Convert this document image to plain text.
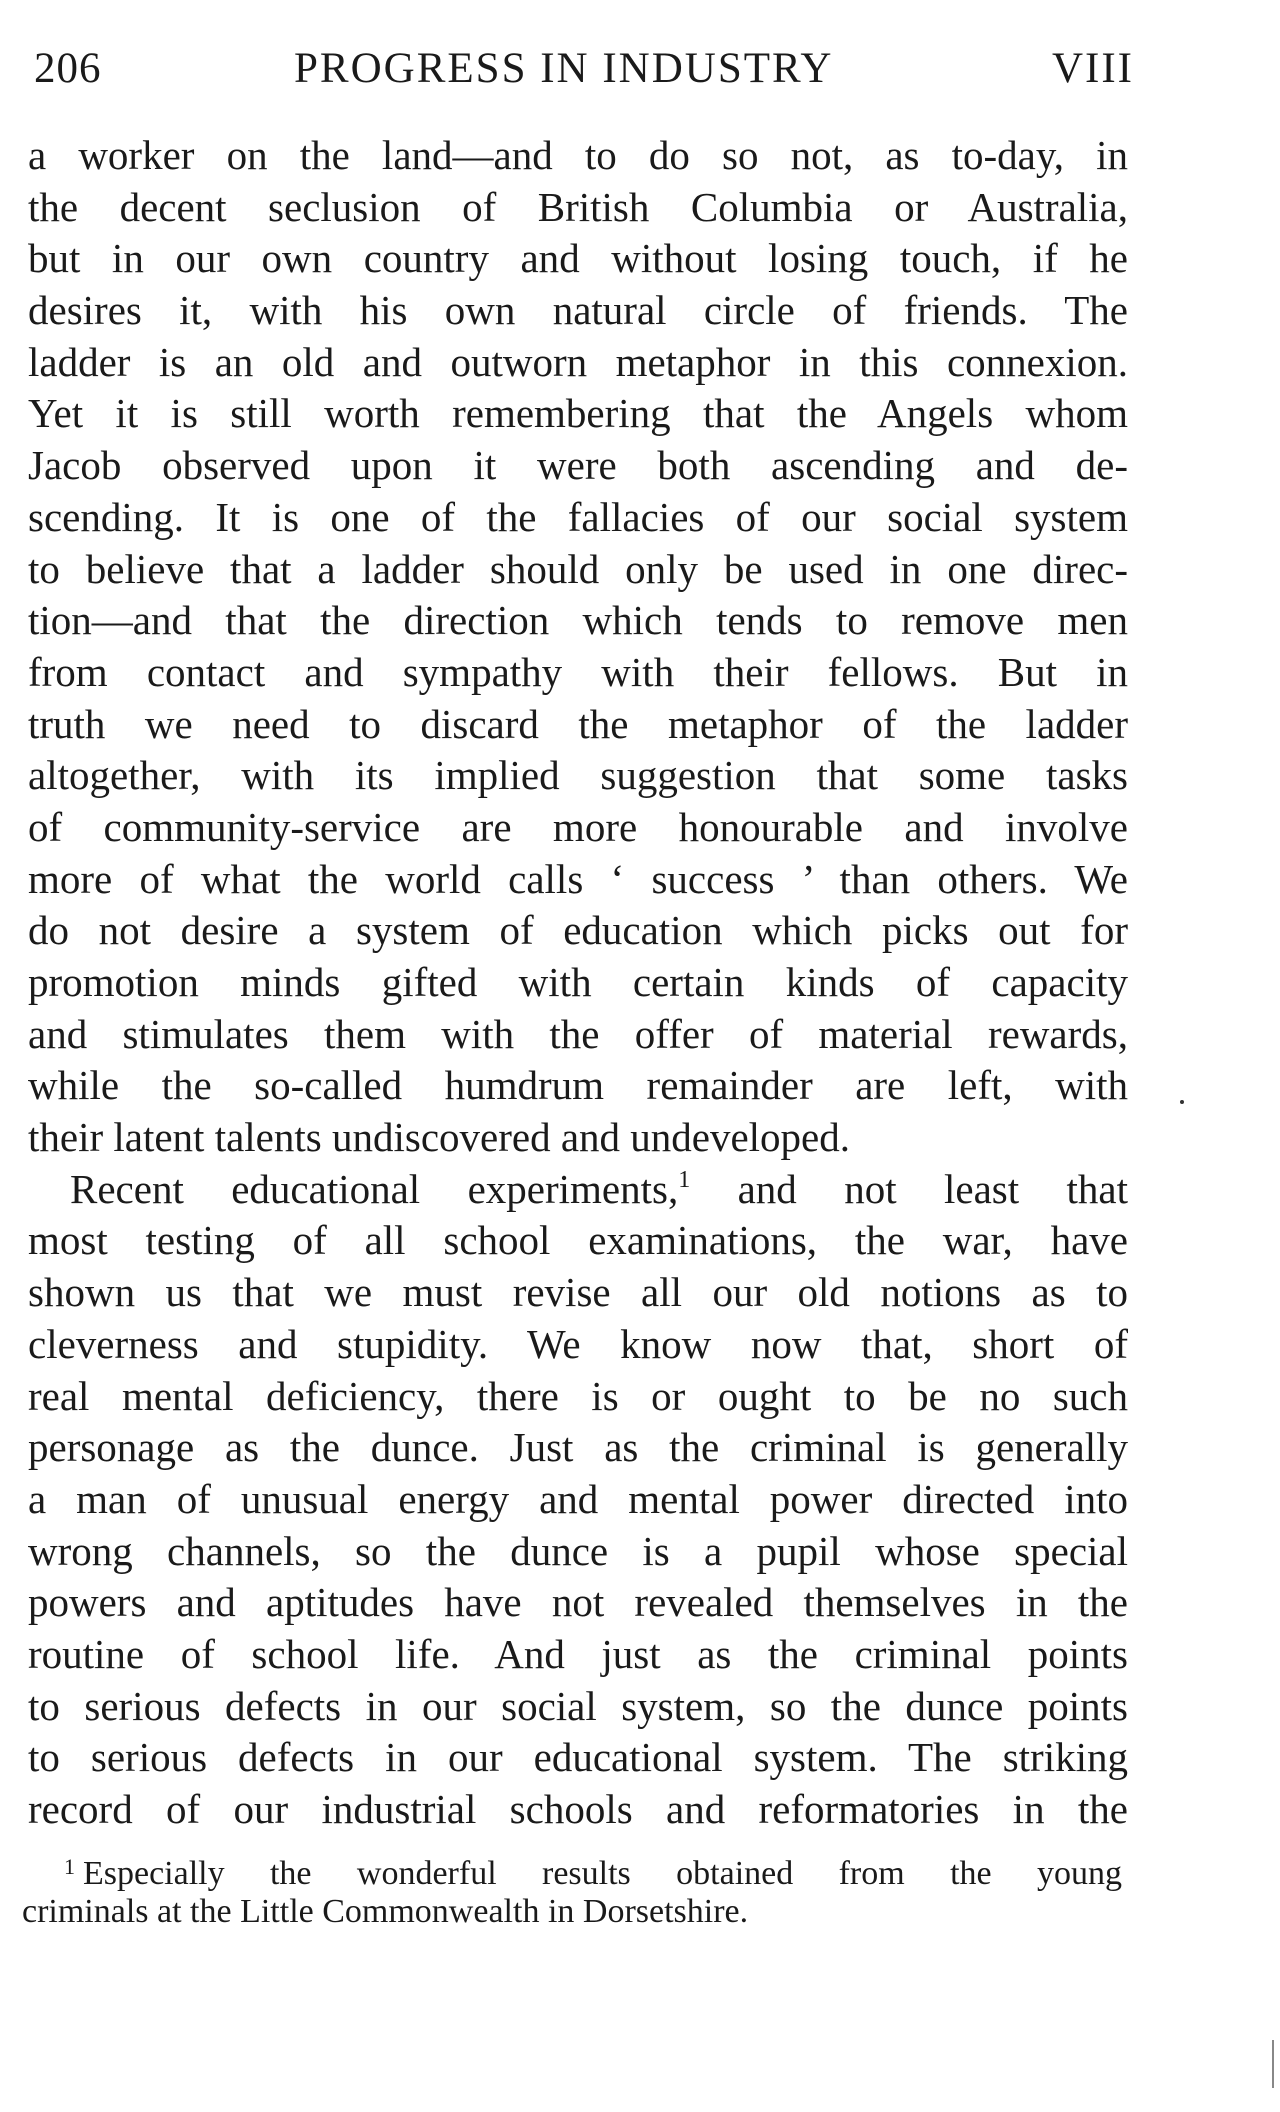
206	PROGRESS IN INDUSTRY	VIII
a worker on the land—and to do so not, as to-day, in
the decent seclusion of British Columbia or Australia,
but in our own country and without losing touch, if he
desires it, with his own natural circle of friends. The
ladder is an old and outworn metaphor in this connexion.
Yet it is still worth remembering that the Angels whom
Jacob observed upon it were both ascending and de-
scending. It is one of the fallacies of our social system
to believe that a ladder should only be used in one direc-
tion—and that the direction which tends to remove men
from contact and sympathy with their fellows. But in
truth we need to discard the metaphor of the ladder
altogether, with its implied suggestion that some tasks
of community-service are more honourable and involve
more of what the world calls ‘ success ’ than others. We
do not desire a system of education which picks out for
promotion minds gifted with certain kinds of capacity
and stimulates them with the offer of material rewards,
while the so-called humdrum remainder are left, with
their latent talents undiscovered and undeveloped.
Recent educational experiments,$^1$ and not least that
most testing of all school examinations, the war, have
shown us that we must revise all our old notions as to
cleverness and stupidity. We know now that, short of
real mental deficiency, there is or ought to be no such
personage as the dunce. Just as the criminal is generally
a man of unusual energy and mental power directed into
wrong channels, so the dunce is a pupil whose special
powers and aptitudes have not revealed themselves in the
routine of school life. And just as the criminal points
to serious defects in our social system, so the dunce points
to serious defects in our educational system. The striking
record of our industrial schools and reformatories in the
$^1$ Especially the wonderful results obtained from the young
criminals at the Little Commonwealth in Dorsetshire.
